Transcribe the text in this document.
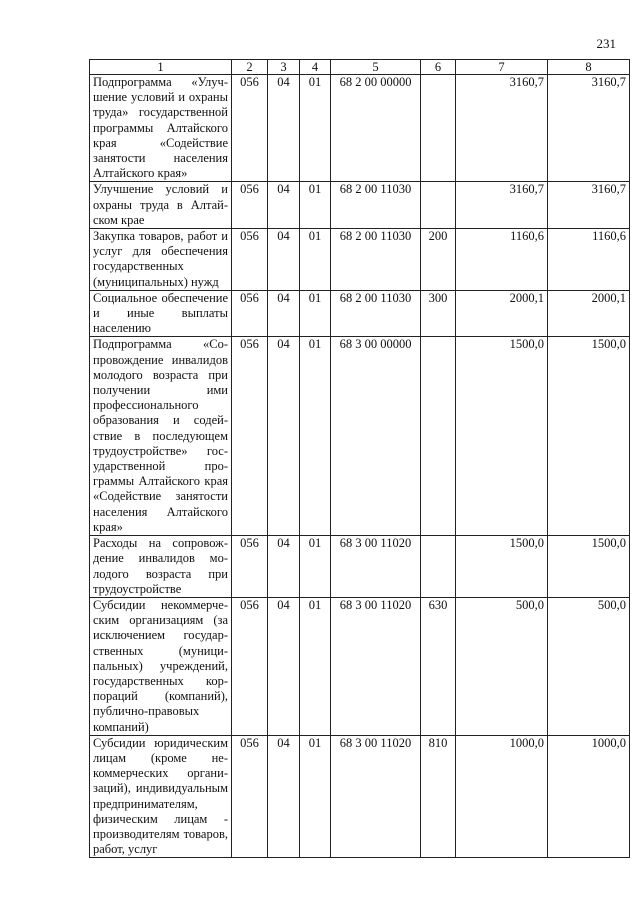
231
1	2	3	4	5	6	7	8
Подпрограмма «Улучшение условий и охраны труда» государственной программы Алтайского края «Содействие занятости населения Алтайского края»	056	04	01	68 2 00 00000		3160,7	3160,7
Улучшение условий и охраны труда в Алтайском крае	056	04	01	68 2 00 11030		3160,7	3160,7
Закупка товаров, работ и услуг для обеспечения государственных (муниципальных) нужд	056	04	01	68 2 00 11030	200	1160,6	1160,6
Социальное обеспечение и иные выплаты населению	056	04	01	68 2 00 11030	300	2000,1	2000,1
Подпрограмма «Сопровождение инвалидов молодого возраста при получении ими профессионального образования и содействие в последующем трудоустройстве» государственной программы Алтайского края «Содействие занятости населения Алтайского края»	056	04	01	68 3 00 00000		1500,0	1500,0
Расходы на сопровождение инвалидов молодого возраста при трудоустройстве	056	04	01	68 3 00 11020		1500,0	1500,0
Субсидии некоммерческим организациям (за исключением государственных (муниципальных) учреждений, государственных корпораций (компаний), публично-правовых компаний)	056	04	01	68 3 00 11020	630	500,0	500,0
Субсидии юридическим лицам (кроме некоммерческих организаций), индивидуальным предпринимателям, физическим лицам - производителям товаров, работ, услуг	056	04	01	68 3 00 11020	810	1000,0	1000,0
